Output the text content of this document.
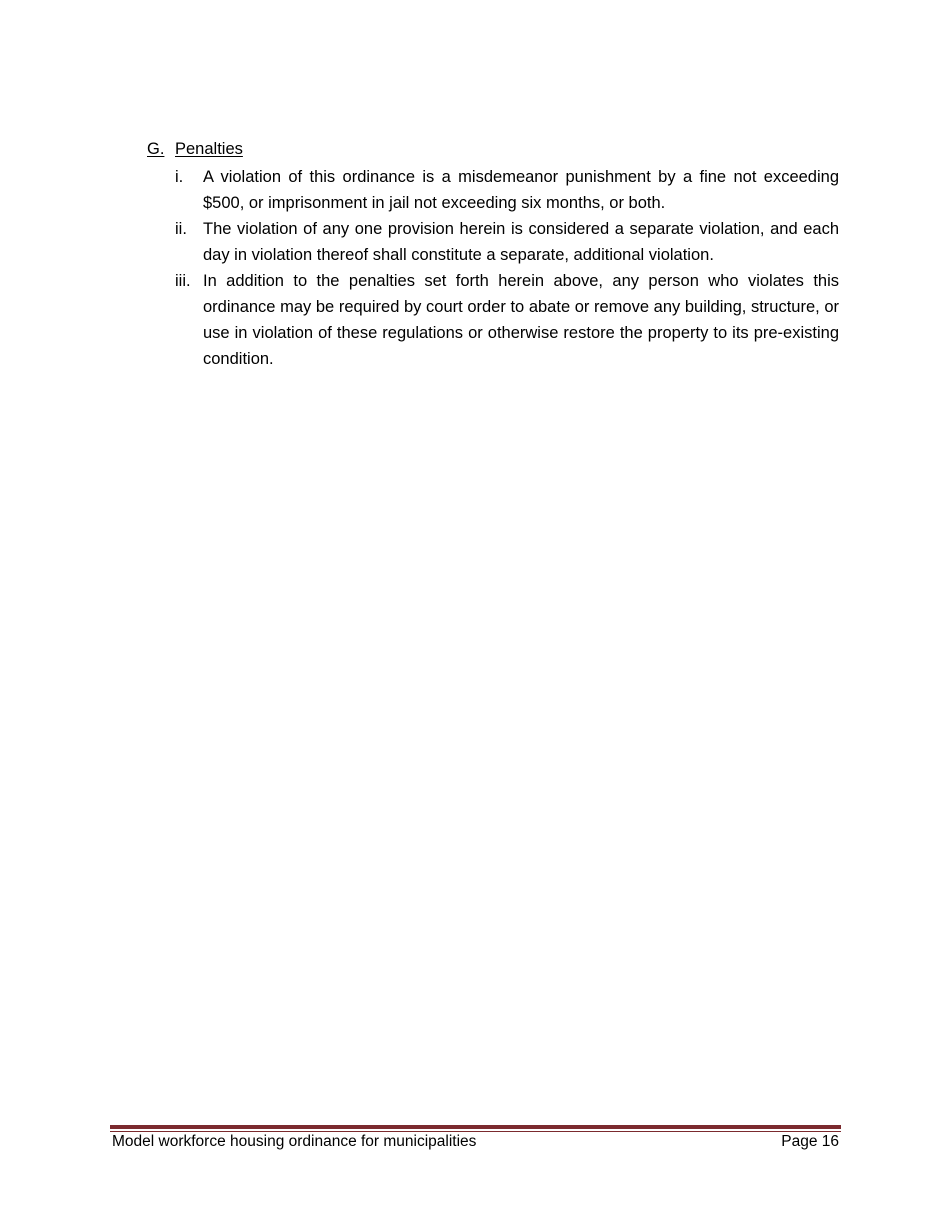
G. Penalties
i.	A violation of this ordinance is a misdemeanor punishment by a fine not exceeding $500, or imprisonment in jail not exceeding six months, or both.
ii. The violation of any one provision herein is considered a separate violation, and each day in violation thereof shall constitute a separate, additional violation.
iii. In addition to the penalties set forth herein above, any person who violates this ordinance may be required by court order to abate or remove any building, structure, or use in violation of these regulations or otherwise restore the property to its pre-existing condition.
Model workforce housing ordinance for municipalities	Page 16
